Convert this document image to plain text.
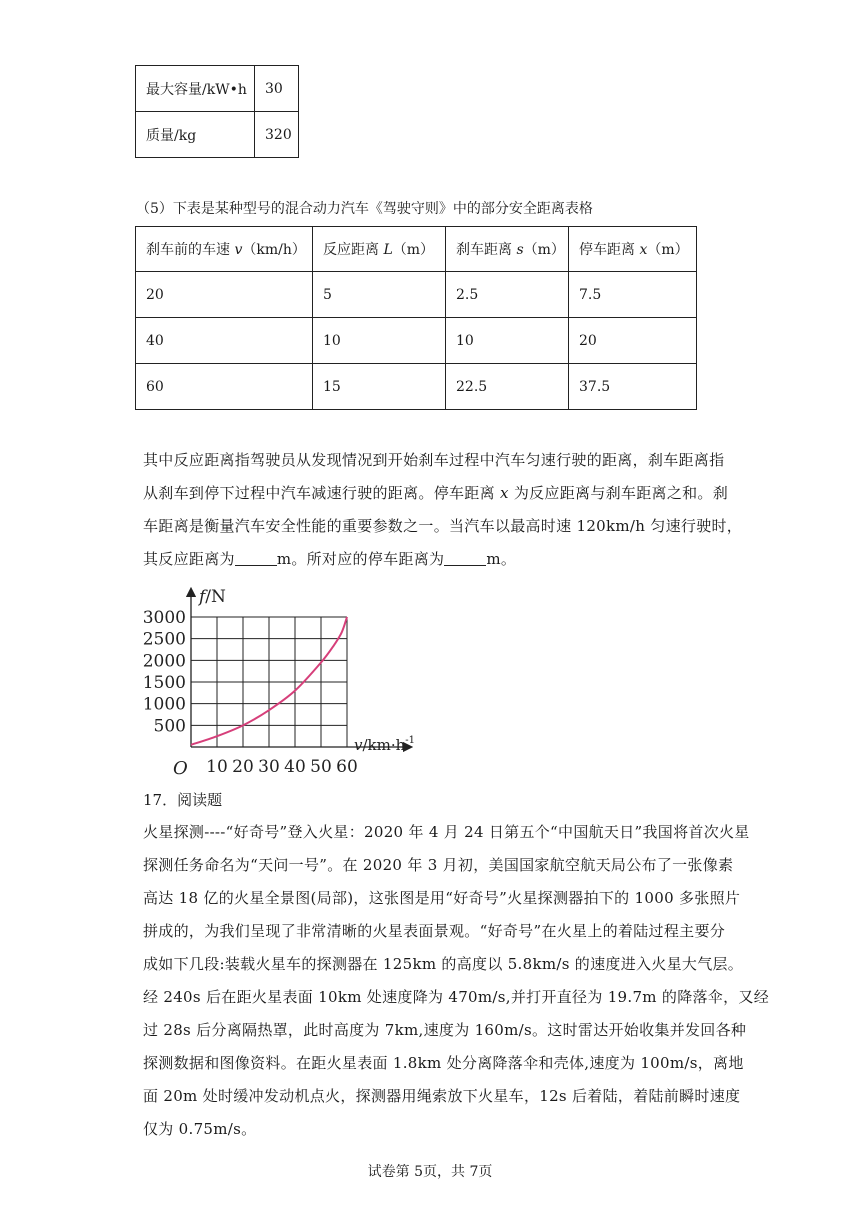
最大容量/kW•h	30
质量/kg	320
（5）下表是某种型号的混合动力汽车《驾驶守则》中的部分安全距离表格
刹车前的车速 v（km/h）	反应距离 L（m）	刹车距离 s（m）	停车距离 x（m）
20	5	2.5	7.5
40	10	10	20
60	15	22.5	37.5
其中反应距离指驾驶员从发现情况到开始刹车过程中汽车匀速行驶的距离，刹车距离指
从刹车到停下过程中汽车减速行驶的距离。停车距离 x 为反应距离与刹车距离之和。刹
车距离是衡量汽车安全性能的重要参数之一。当汽车以最高时速 120km/h 匀速行驶时，
其反应距离为	m。所对应的停车距离为	m。
10 20 30 40 50 60
500
1000
1500
2000
2500
3000
O
f/N
$v/km\cdot h^{-1}$
17．阅读题
火星探测----“好奇号”登入火星：2020 年 4 月 24 日第五个“中国航天日”我国将首次火星
探测任务命名为“天问一号”。在 2020 年 3 月初，美国国家航空航天局公布了一张像素
高达 18 亿的火星全景图(局部)，这张图是用“好奇号”火星探测器拍下的 1000 多张照片
拼成的，为我们呈现了非常清晰的火星表面景观。“好奇号”在火星上的着陆过程主要分
成如下几段:装载火星车的探测器在 125km 的高度以 5.8km/s 的速度进入火星大气层。
经 240s 后在距火星表面 10km 处速度降为 470m/s,并打开直径为 19.7m 的降落伞，又经
过 28s 后分离隔热罩，此时高度为 7km,速度为 160m/s。这时雷达开始收集并发回各种
探测数据和图像资料。在距火星表面 1.8km 处分离降落伞和壳体,速度为 100m/s，离地
面 20m 处时缓冲发动机点火，探测器用绳索放下火星车，12s 后着陆，着陆前瞬时速度
仅为 0.75m/s。
试卷第 5页，共 7页
